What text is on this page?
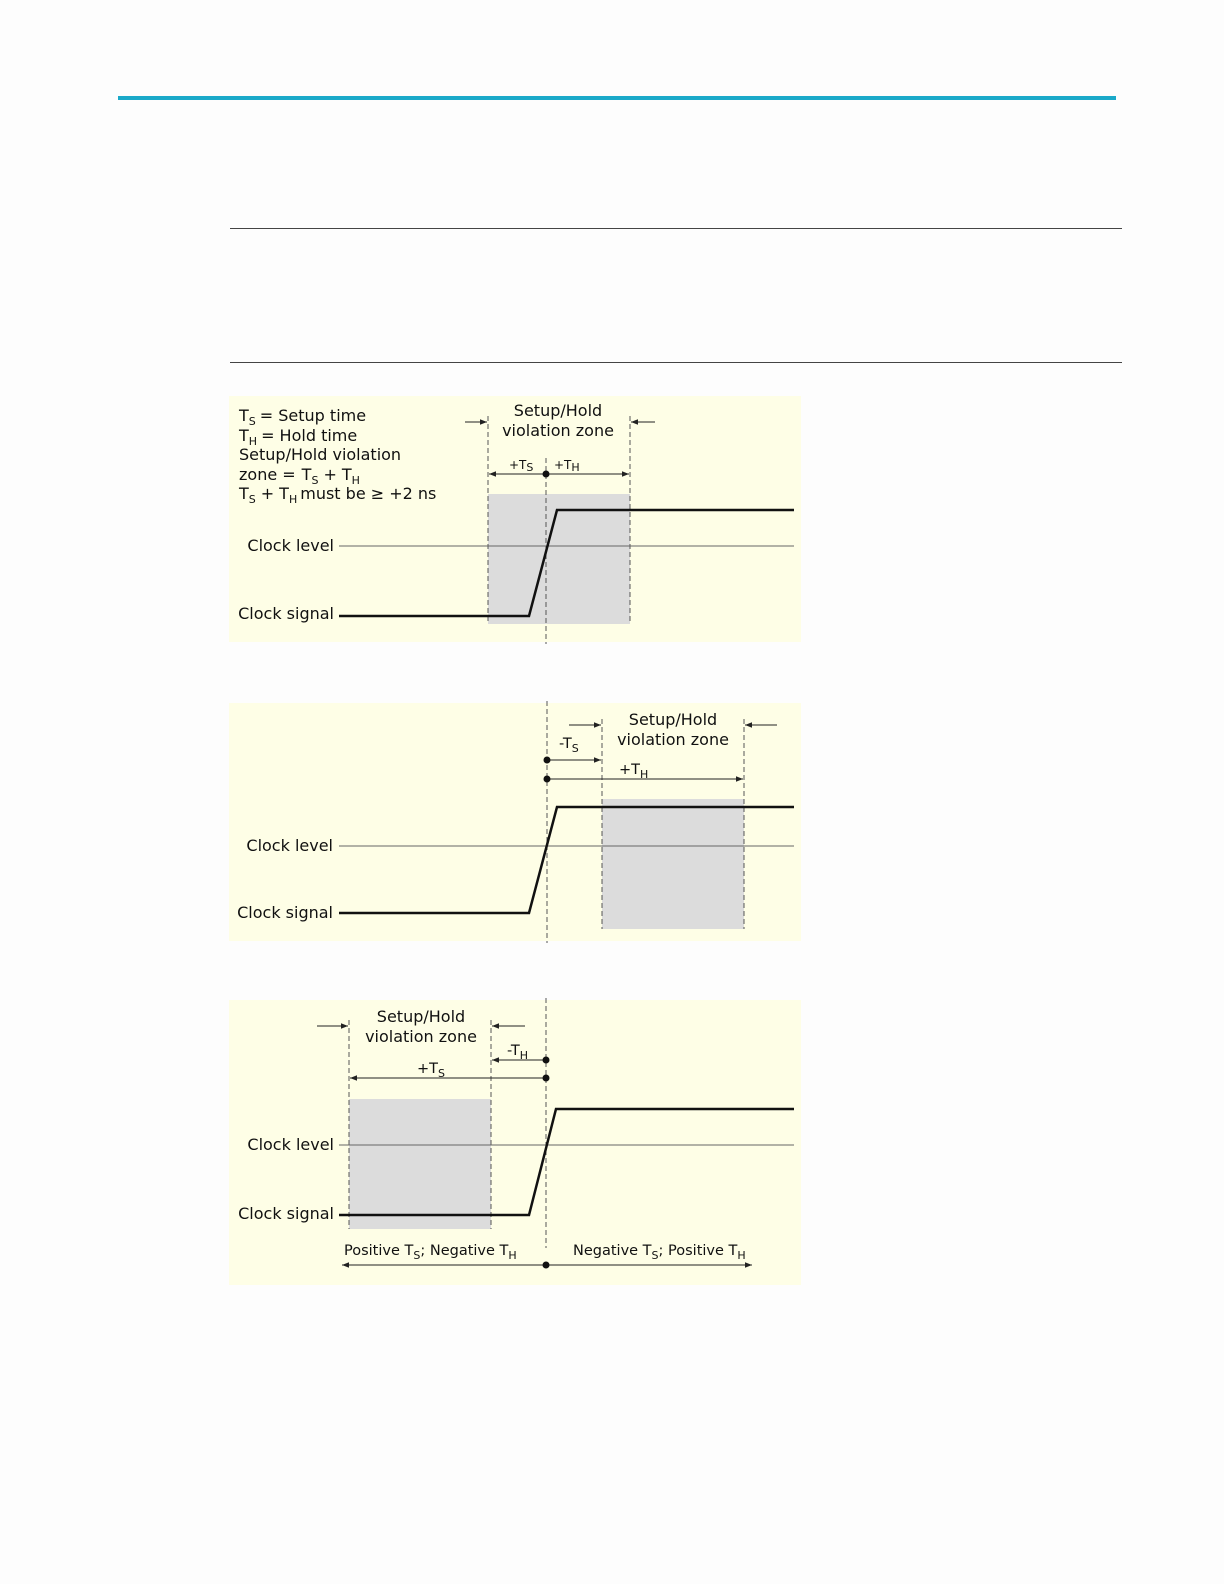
$T_S$ = Setup time
$T_H$ = Hold time
Setup/Hold violation
zone = $T_S + T_H$
$T_S + T_H$ must be ≥ +2 ns
Setup/Hold
violation zone
+TS +TH
Clock level
Clock signal
Setup/Hold
violation zone
$-T_S$
$+T_H$
Clock level
Clock signal
Setup/Hold
violation zone
$-T_H$
$+T_S$
Clock level
Clock signal
Positive $T_S$; Negative $T_H$	Negative $T_S$; Positive $T_H$
